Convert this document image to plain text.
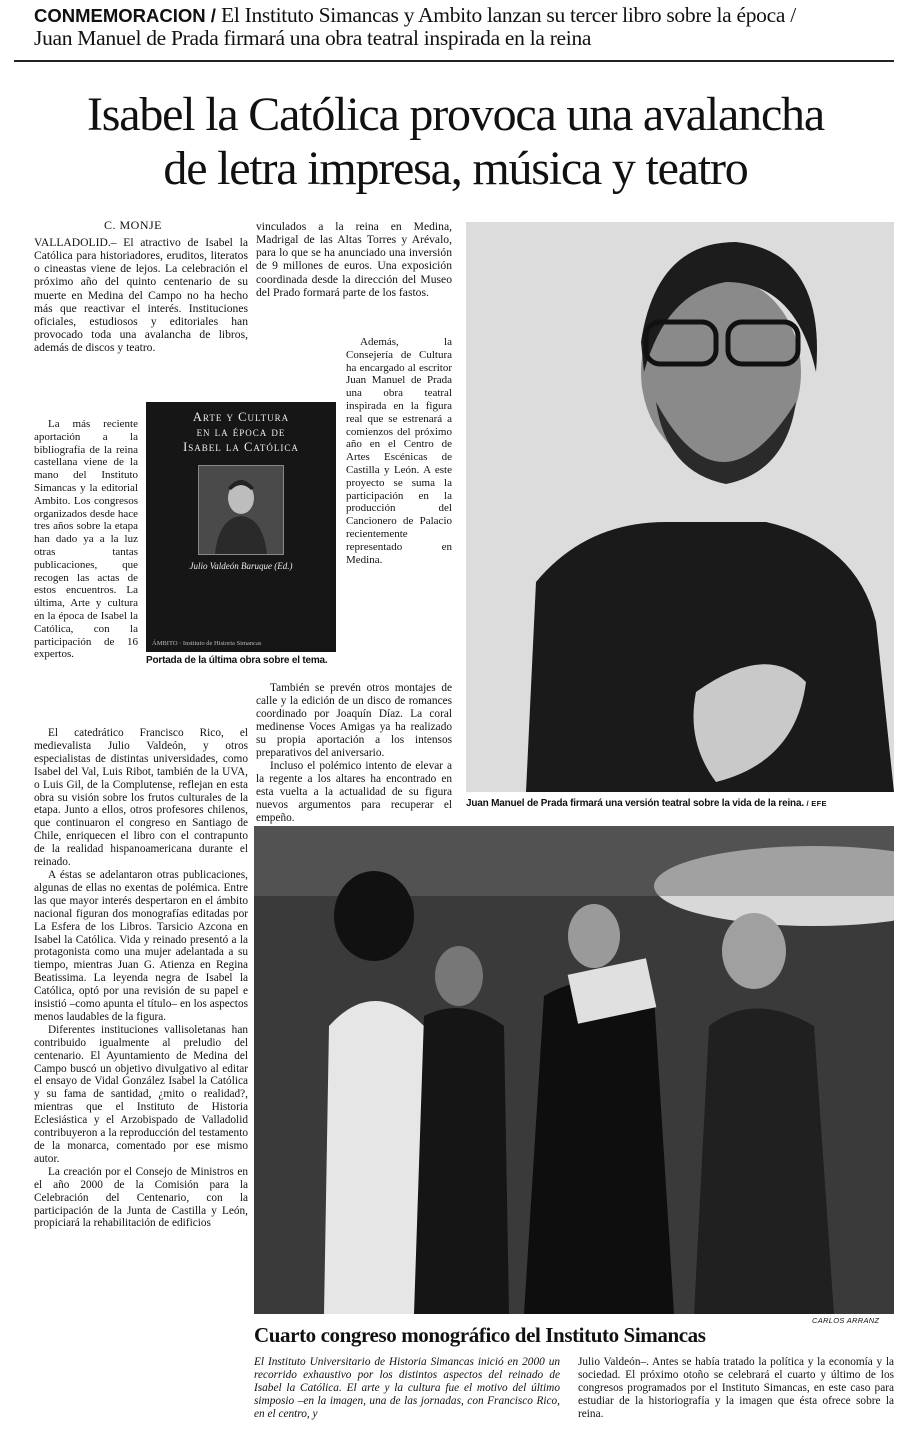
CONMEMORACION / El Instituto Simancas y Ambito lanzan su tercer libro sobre la época /
Juan Manuel de Prada firmará una obra teatral inspirada en la reina
Isabel la Católica provoca una avalancha
de letra impresa, música y teatro
C. MONJE

VALLADOLID.– El atractivo de Isabel la Católica para historiadores, eruditos, literatos o cineastas viene de lejos. La celebración el próximo año del quinto centenario de su muerte en Medina del Campo no ha hecho más que reactivar el interés. Instituciones oficiales, estudiosos y editoriales han provocado toda una avalancha de libros, además de discos y teatro.

La más reciente aportación a la bibliografía de la reina castellana viene de la mano del Instituto Simancas y la editorial Ambito. Los congresos organizados desde hace tres años sobre la etapa han dado ya a la luz otras tantas publicaciones, que recogen las actas de estos encuentros. La última, Arte y cultura en la época de Isabel la Católica, con la participación de 16 expertos.

El catedrático Francisco Rico, el medievalista Julio Valdeón, y otros especialistas de distintas universidades, como Isabel del Val, Luis Ribot, también de la UVA, o Luis Gil, de la Complutense, reflejan en esta obra su visión sobre los frutos culturales de la etapa. Junto a ellos, otros profesores chilenos, que continuaron el congreso en Santiago de Chile, enriquecen el libro con el contrapunto de la realidad hispanoamericana durante el reinado.

A éstas se adelantaron otras publicaciones, algunas de ellas no exentas de polémica. Entre las que mayor interés despertaron en el ámbito nacional figuran dos monografías editadas por La Esfera de los Libros. Tarsicio Azcona en Isabel la Católica. Vida y reinado presentó a la protagonista como una mujer adelantada a su tiempo, mientras Juan G. Atienza en Regina Beatissima. La leyenda negra de Isabel la Católica, optó por una revisión de su papel e insistió –como apunta el título– en los aspectos menos laudables de la figura.

Diferentes instituciones vallisoletanas han contribuido igualmente al preludio del centenario. El Ayuntamiento de Medina del Campo buscó un objetivo divulgativo al editar el ensayo de Vidal González Isabel la Católica y su fama de santidad, ¿mito o realidad?, mientras que el Instituto de Historia Eclesiástica y el Arzobispado de Valladolid contribuyeron a la reproducción del testamento de la monarca, comentado por ese mismo autor.

La creación por el Consejo de Ministros en el año 2000 de la Comisión para la Celebración del Centenario, con la participación de la Junta de Castilla y León, propiciará la rehabilitación de edificios

Arte y Cultura
en la época de
Isabel la Católica
Julio Valdeón Baruque (Ed.)
ÁMBITO · Instituto de Historia Simancas
Portada de la última obra sobre el tema.

vinculados a la reina en Medina, Madrigal de las Altas Torres y Arévalo, para lo que se ha anunciado una inversión de 9 millones de euros. Una exposición coordinada desde la dirección del Museo del Prado formará parte de los fastos.

Además, la Consejería de Cultura ha encargado al escritor Juan Manuel de Prada una obra teatral inspirada en la figura real que se estrenará a comienzos del próximo año en el Centro de Artes Escénicas de Castilla y León. A este proyecto se suma la participación en la producción del Cancionero de Palacio recientemente representado en Medina.

También se prevén otros montajes de calle y la edición de un disco de romances coordinado por Joaquín Díaz. La coral medinense Voces Amigas ya ha realizado su propia aportación a los intensos preparativos del aniversario.

Incluso el polémico intento de elevar a la regente a los altares ha encontrado en esta vuelta a la actualidad de su figura nuevos argumentos para recuperar el empeño.

Juan Manuel de Prada firmará una versión teatral sobre la vida de la reina. / EFE
CARLOS ARRANZ
Cuarto congreso monográfico del Instituto Simancas

El Instituto Universitario de Historia Simancas inició en 2000 un recorrido exhaustivo por los distintos aspectos del reinado de Isabel la Católica. El arte y la cultura fue el motivo del último simposio –en la imagen, una de las jornadas, con Francisco Rico, en el centro, y

Julio Valdeón–. Antes se había tratado la política y la economía y la sociedad. El próximo otoño se celebrará el cuarto y último de los congresos programados por el Instituto Simancas, en este caso para estudiar de la historiografía y la imagen que ésta ofrece sobre la reina.
